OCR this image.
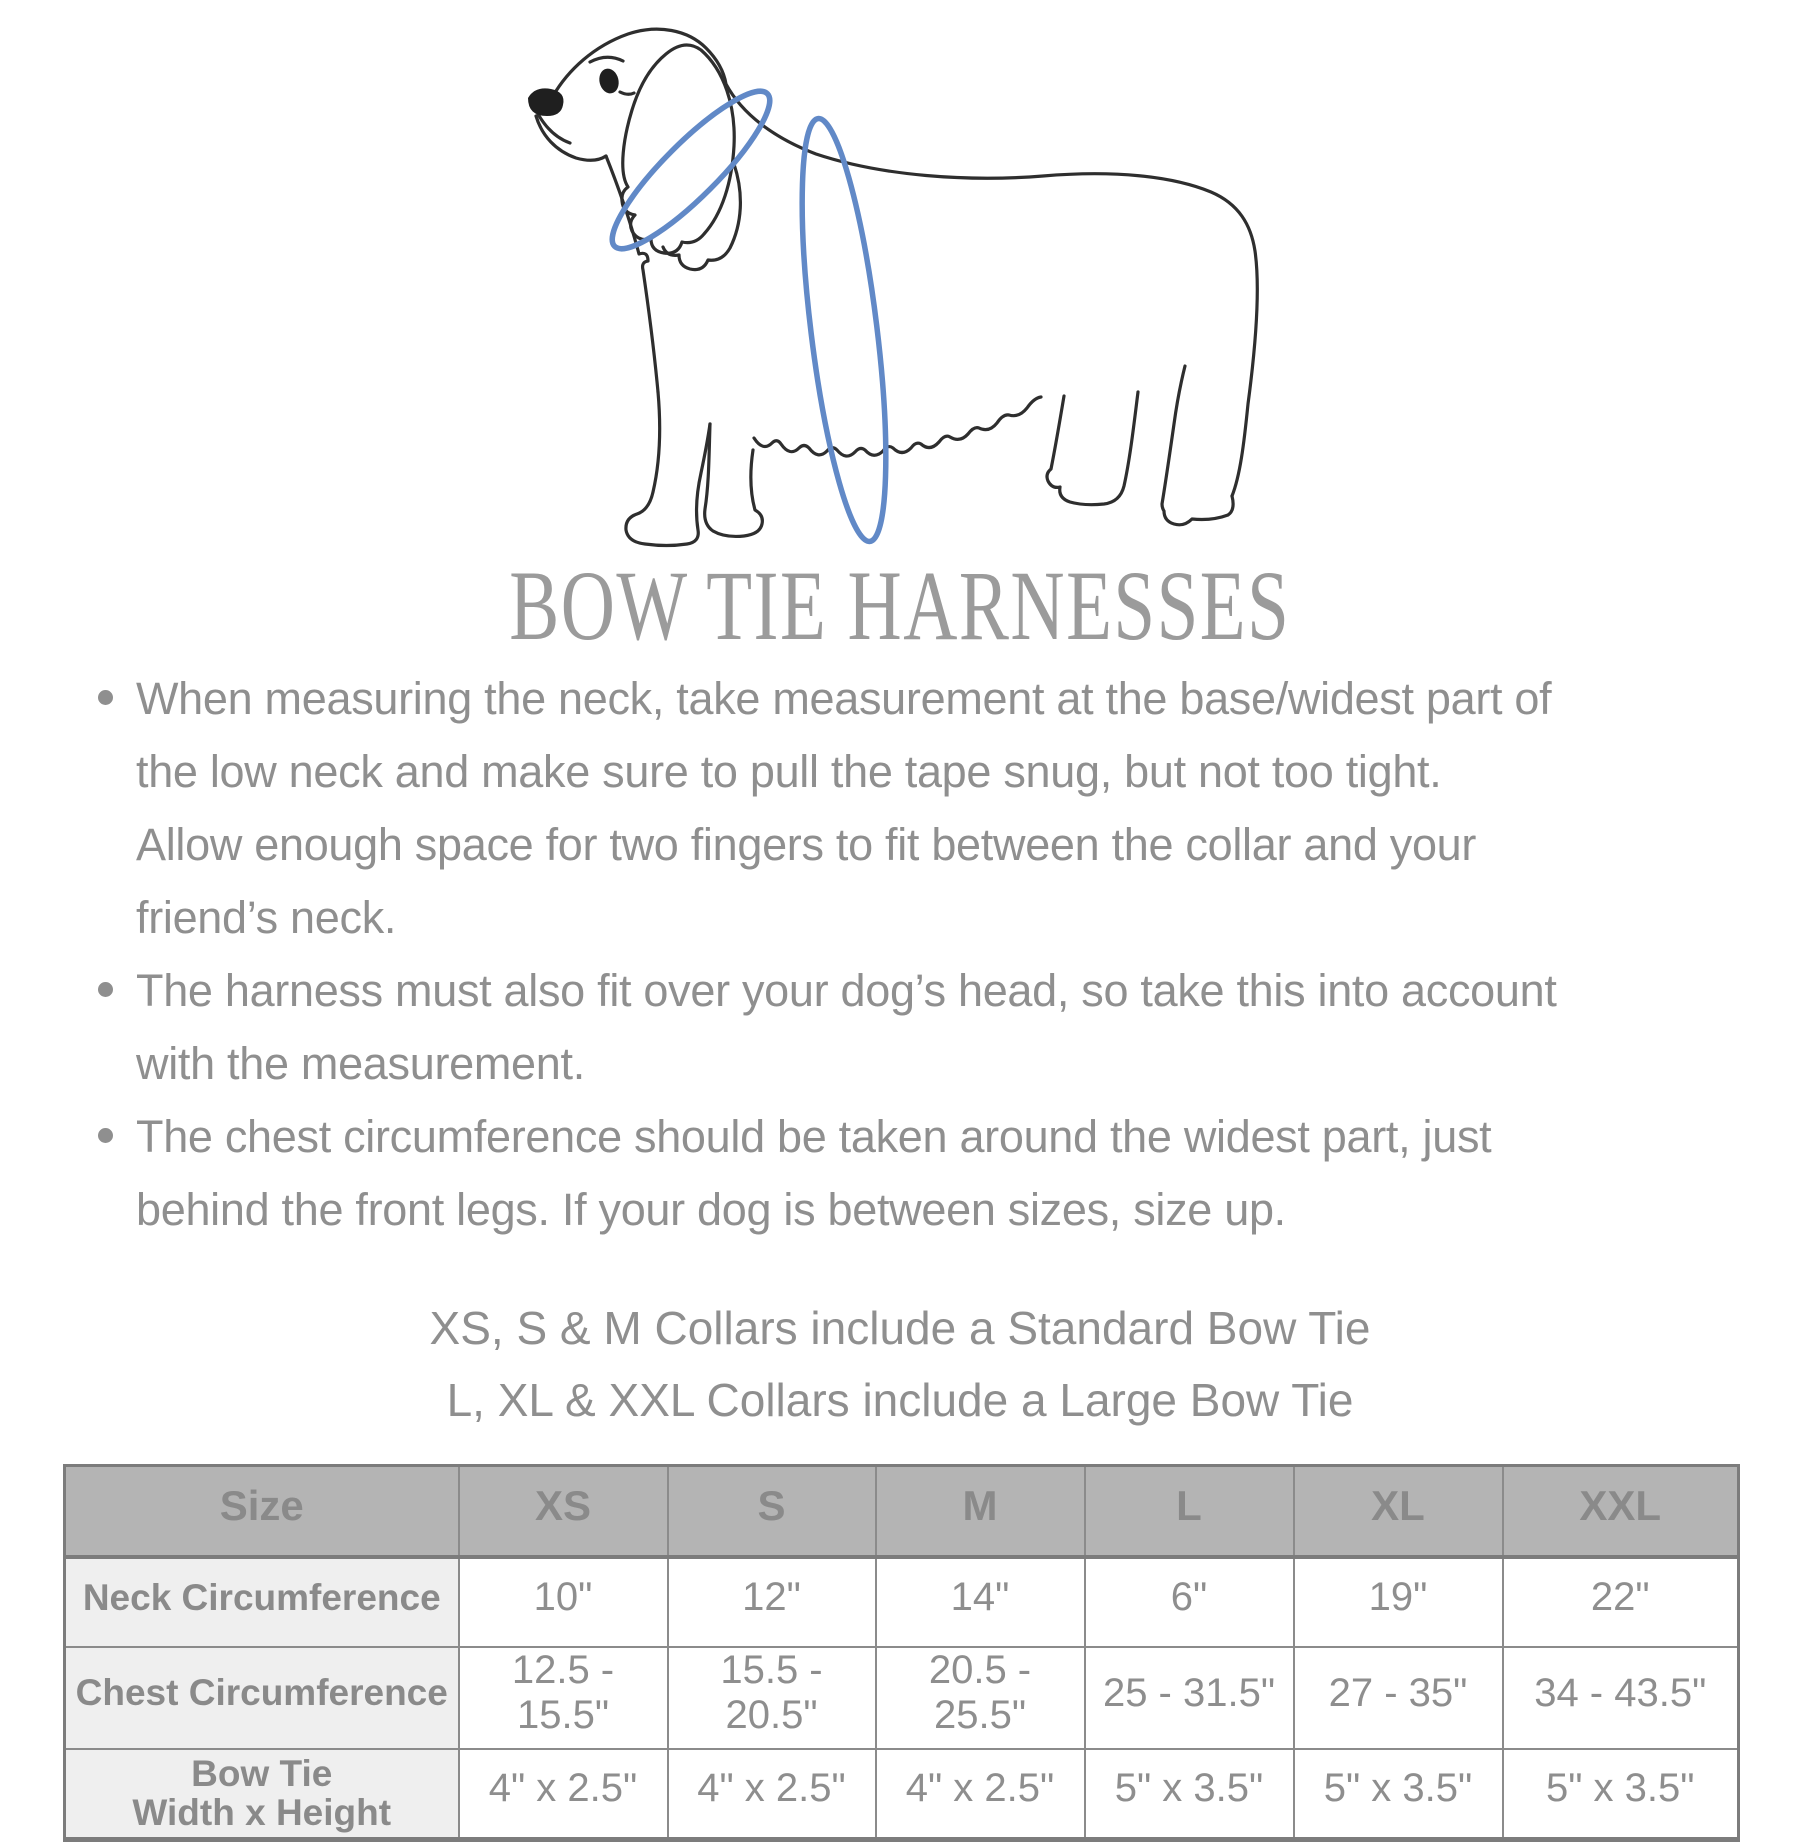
BOW TIE HARNESSES
When measuring the neck, take measurement at the base/widest part of
the low neck and make sure to pull the tape snug, but not too tight.
Allow enough space for two fingers to fit between the collar and your
friend’s neck.
The harness must also fit over your dog’s head, so take this into account
with the measurement.
The chest circumference should be taken around the widest part, just
behind the front legs. If your dog is between sizes, size up.
XS, S & M Collars include a Standard Bow Tie
L, XL & XXL Collars include a Large Bow Tie
Size	XS	S	M	L	XL	XXL
Neck Circumference	10"	12"	14"	6"	19"	22"
Chest Circumference	12.5 - 15.5"	15.5 - 20.5"	20.5 - 25.5"	25 - 31.5"	27 - 35"	34 - 43.5"
Bow Tie
Width x Height	4" x 2.5"	4" x 2.5"	4" x 2.5"	5" x 3.5"	5" x 3.5"	5" x 3.5"
